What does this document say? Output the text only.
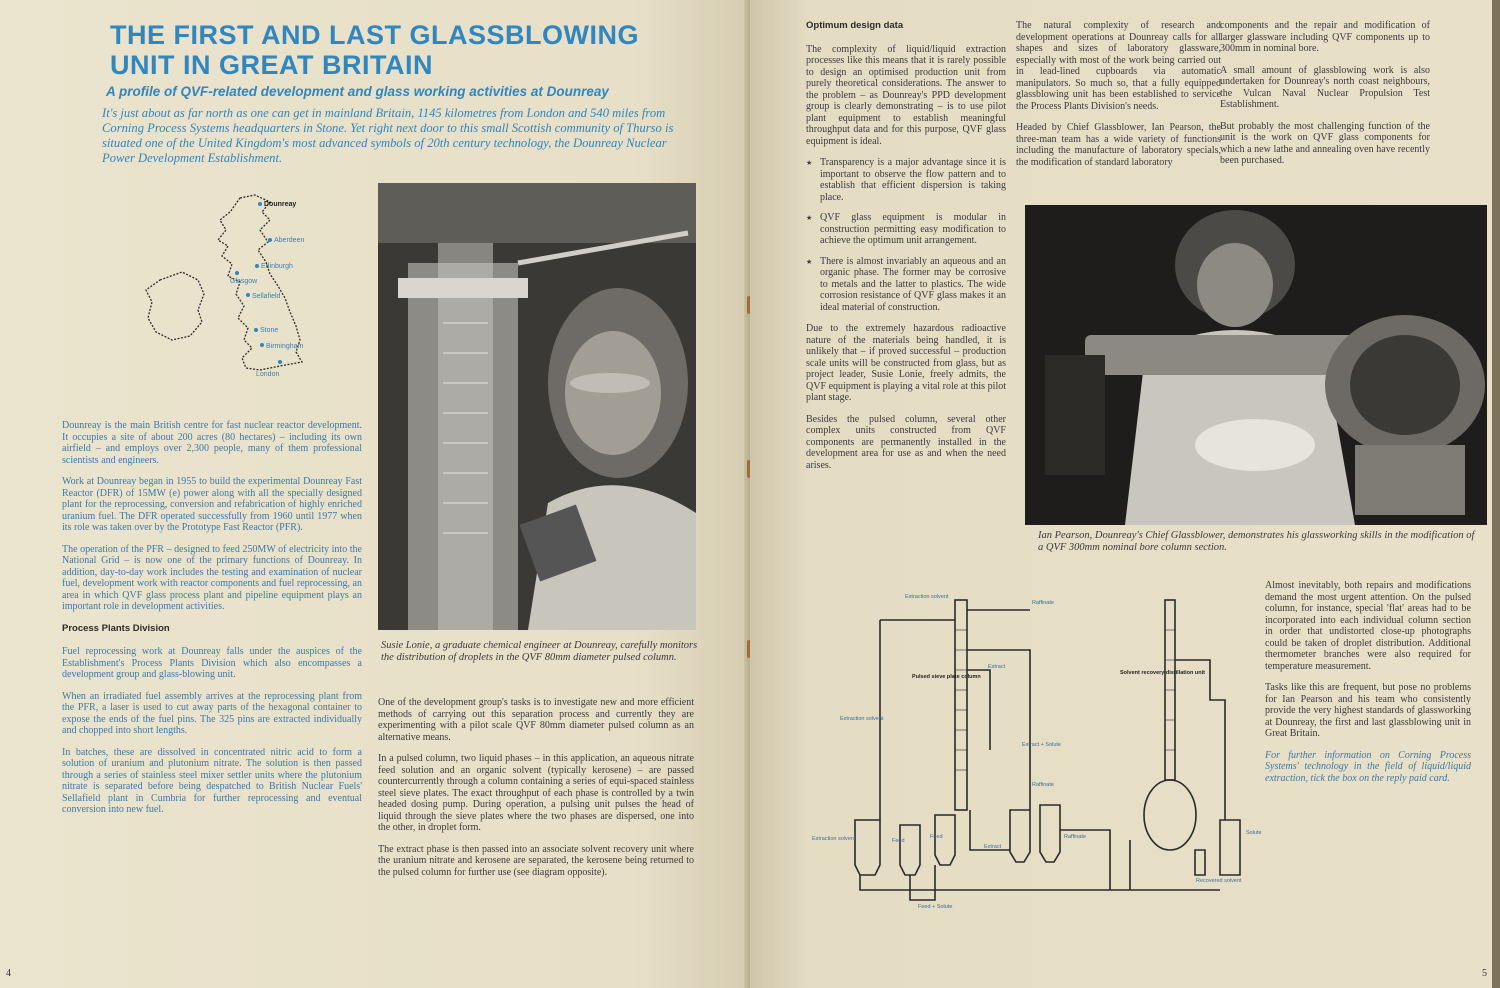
THE FIRST AND LAST GLASSBLOWING
UNIT IN GREAT BRITAIN
A profile of QVF-related development and glass working activities at Dounreay
It's just about as far north as one can get in mainland Britain, 1145 kilometres from London and 540 miles from Corning Process Systems headquarters in Stone. Yet right next door to this small Scottish community of Thurso is situated one of the United Kingdom's most advanced symbols of 20th century technology, the Dounreay Nuclear Power Development Establishment.
Dounreay
Aberdeen
Edinburgh
Glasgow
Sellafield
Stone
Birmingham
London

Dounreay is the main British centre for fast nuclear reactor development. It occupies a site of about 200 acres (80 hectares) – including its own airfield – and employs over 2,300 people, many of them professional scientists and engineers.

Work at Dounreay began in 1955 to build the experimental Dounreay Fast Reactor (DFR) of 15MW (e) power along with all the specially designed plant for the reprocessing, conversion and refabrication of highly enriched uranium fuel. The DFR operated successfully from 1960 until 1977 when its role was taken over by the Prototype Fast Reactor (PFR).

The operation of the PFR – designed to feed 250MW of electricity into the National Grid – is now one of the primary functions of Dounreay. In addition, day-to-day work includes the testing and examination of nuclear fuel, development work with reactor components and fuel reprocessing, an area in which QVF glass process plant and pipeline equipment plays an important role in development activities.

Process Plants Division

Fuel reprocessing work at Dounreay falls under the auspices of the Establishment's Process Plants Division which also encompasses a development group and glass-blowing unit.

When an irradiated fuel assembly arrives at the reprocessing plant from the PFR, a laser is used to cut away parts of the hexagonal container to expose the ends of the fuel pins. The 325 pins are extracted individually and chopped into short lengths.

In batches, these are dissolved in concentrated nitric acid to form a solution of uranium and plutonium nitrate. The solution is then passed through a series of stainless steel mixer settler units where the plutonium nitrate is separated before being despatched to British Nuclear Fuels' Sellafield plant in Cumbria for further reprocessing and eventual conversion into new fuel.

Susie Lonie, a graduate chemical engineer at Dounreay, carefully monitors the distribution of droplets in the QVF 80mm diameter pulsed column.

One of the development group's tasks is to investigate new and more efficient methods of carrying out this separation process and currently they are experimenting with a pilot scale QVF 80mm diameter pulsed column as an alternative means.

In a pulsed column, two liquid phases – in this application, an aqueous nitrate feed solution and an organic solvent (typically kerosene) – are passed countercurrently through a column containing a series of equi-spaced stainless steel sieve plates. The exact throughput of each phase is controlled by a twin headed dosing pump. During operation, a pulsing unit pulses the head of liquid through the sieve plates where the two phases are dispersed, one into the other, in droplet form.

The extract phase is then passed into an associate solvent recovery unit where the uranium nitrate and kerosene are separated, the kerosene being returned to the pulsed column for further use (see diagram opposite).

4
Optimum design data

The complexity of liquid/liquid extraction processes like this means that it is rarely possible to design an optimised production unit from purely theoretical considerations. The answer to the problem – as Dounreay's PPD development group is clearly demonstrating – is to use pilot plant equipment to establish meaningful throughput data and for this purpose, QVF glass equipment is ideal.

★ Transparency is a major advantage since it is important to observe the flow pattern and to establish that efficient dispersion is taking place.
★ QVF glass equipment is modular in construction permitting easy modification to achieve the optimum unit arrangement.
★ There is almost invariably an aqueous and an organic phase. The former may be corrosive to metals and the latter to plastics. The wide corrosion resistance of QVF glass makes it an ideal material of construction.

Due to the extremely hazardous radioactive nature of the materials being handled, it is unlikely that – if proved successful – production scale units will be constructed from glass, but as project leader, Susie Lonie, freely admits, the QVF equipment is playing a vital role at this pilot plant stage.

Besides the pulsed column, several other complex units constructed from QVF components are permanently installed in the development area for use as and when the need arises.

The natural complexity of research and development operations at Dounreay calls for all shapes and sizes of laboratory glassware, especially with most of the work being carried out in lead-lined cupboards via automatic manipulators. So much so, that a fully equipped glassblowing unit has been established to service the Process Plants Division's needs.

Headed by Chief Glassblower, Ian Pearson, the three-man team has a wide variety of functions including the manufacture of laboratory specials, the modification of standard laboratory

components and the repair and modification of larger glassware including QVF components up to 300mm in nominal bore.

A small amount of glassblowing work is also undertaken for Dounreay's north coast neighbours, the Vulcan Naval Nuclear Propulsion Test Establishment.

But probably the most challenging function of the unit is the work on QVF glass components for which a new lathe and annealing oven have recently been purchased.

Ian Pearson, Dounreay's Chief Glassblower, demonstrates his glassworking skills in the modification of a QVF 300mm nominal bore column section.
Extraction solvent
Raffinate
Pulsed sieve plate column
Extract
Extraction solvent
Extract + Solute
Raffinate
Extraction solvent	Feed
Feed
Extract
Raffinate
Feed + Solute
Solvent recovery distillation unit
Recovered solvent
Solute

Almost inevitably, both repairs and modifications demand the most urgent attention. On the pulsed column, for instance, special 'flat' areas had to be incorporated into each individual column section in order that undistorted close-up photographs could be taken of droplet distribution. Additional thermometer branches were also required for temperature measurement.

Tasks like this are frequent, but pose no problems for Ian Pearson and his team who consistently provide the very highest standards of glassworking at Dounreay, the first and last glassblowing unit in Great Britain.

For further information on Corning Process Systems' technology in the field of liquid/liquid extraction, tick the box on the reply paid card.

5
